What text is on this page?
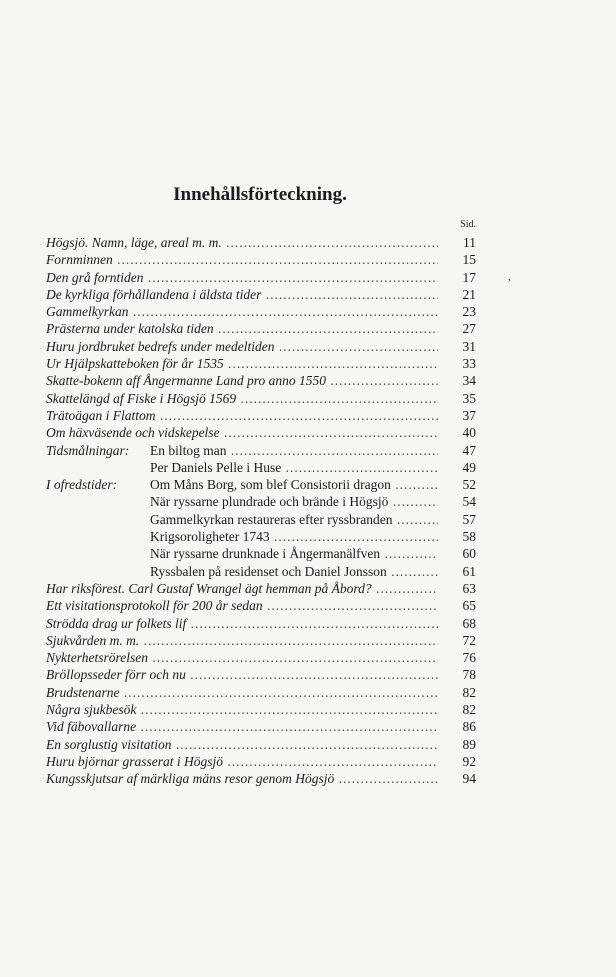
Innehållsförteckning.
Sid.
,
Högsjö. Namn, läge, areal m. m. .....	11
Fornminnen .....	15
Den grå forntiden .....	17
De kyrkliga förhållandena i äldsta tider .....	21
Gammelkyrkan .....	23
Prästerna under katolska tiden .....	27
Huru jordbruket bedrefs under medeltiden .....	31
Ur Hjälpskatteboken för år 1535 .....	33
Skatte-bokenn aff Ångermanne Land pro anno 1550 .....	34
Skattelängd af Fiske i Högsjö 1569 .....	35
Trätoägan i Flattom .....	37
Om häxväsende och vidskepelse .....	40
Tidsmålningar:	En biltog man .....	47
Per Daniels Pelle i Huse .....	49
I ofredstider:	Om Måns Borg, som blef Consistorii dragon .....	52
När ryssarne plundrade och brände i Högsjö .....	54
Gammelkyrkan restaureras efter ryssbranden .....	57
Krigsoroligheter 1743 .....	58
När ryssarne drunknade i Ångermanälfven .....	60
Ryssbalen på residenset och Daniel Jonsson .....	61
Har riksförest. Carl Gustaf Wrangel ägt hemman på Åbord? .....	63
Ett visitationsprotokoll för 200 år sedan .....	65
Strödda drag ur folkets lif .....	68
Sjukvården m. m. .....	72
Nykterhetsrörelsen .....	76
Bröllopsseder förr och nu .....	78
Brudstenarne .....	82
Några sjukbesök .....	82
Vid fäbovallarne .....	86
En sorglustig visitation .....	89
Huru björnar grasserat i Högsjö .....	92
Kungsskjutsar af märkliga mäns resor genom Högsjö .....	94
